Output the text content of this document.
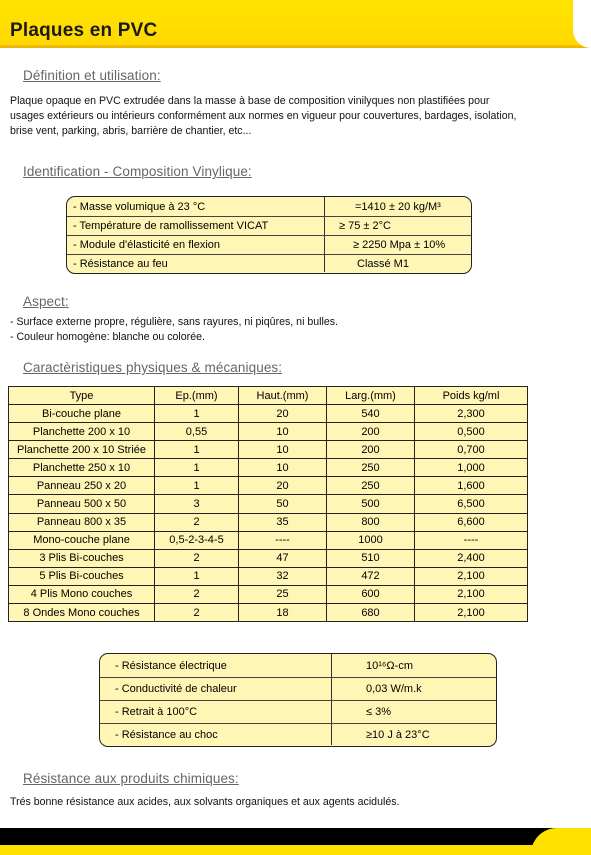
Plaques en PVC
Définition et utilisation:
Plaque opaque en PVC extrudée dans la masse à base de composition vinilyques non plastifiées pour
usages extérieurs ou intérieurs conformément aux normes en vigueur pour couvertures, bardages, isolation,
brise vent, parking, abris, barrière de chantier, etc...
Identification - Composition Vinylique:
- Masse volumique à 23 °C	=1410 ± 20 kg/M³
- Température de ramollissement VICAT	≥ 75 ± 2°C
- Module d'élasticité en flexion	≥ 2250 Mpa ± 10%
- Résistance au feu	Classé M1
Aspect:
- Surface externe propre, régulière, sans rayures, ni piqûres, ni bulles.
- Couleur homogène: blanche ou colorée.
Caractèristiques physiques & mécaniques:
Type	Ep.(mm)	Haut.(mm)	Larg.(mm)	Poids kg/ml
Bi-couche plane	1	20	540	2,300
Planchette 200 x 10	0,55	10	200	0,500
Planchette 200 x 10 Striée	1	10	200	0,700
Planchette 250 x 10	1	10	250	1,000
Panneau 250 x 20	1	20	250	1,600
Panneau 500 x 50	3	50	500	6,500
Panneau 800 x 35	2	35	800	6,600
Mono-couche plane	0,5-2-3-4-5	----	1000	----
3 Plis Bi-couches	2	47	510	2,400
5 Plis Bi-couches	1	32	472	2,100
4 Plis Mono couches	2	25	600	2,100
8 Ondes Mono couches	2	18	680	2,100
- Résistance électrique	10¹⁶Ω-cm
- Conductivité de chaleur	0,03 W/m.k
- Retrait à 100°C	≤ 3%
- Résistance au choc	≥10 J à 23°C
Résistance aux produits chimiques:
Trés bonne résistance aux acides, aux solvants organiques et aux agents acidulés.
